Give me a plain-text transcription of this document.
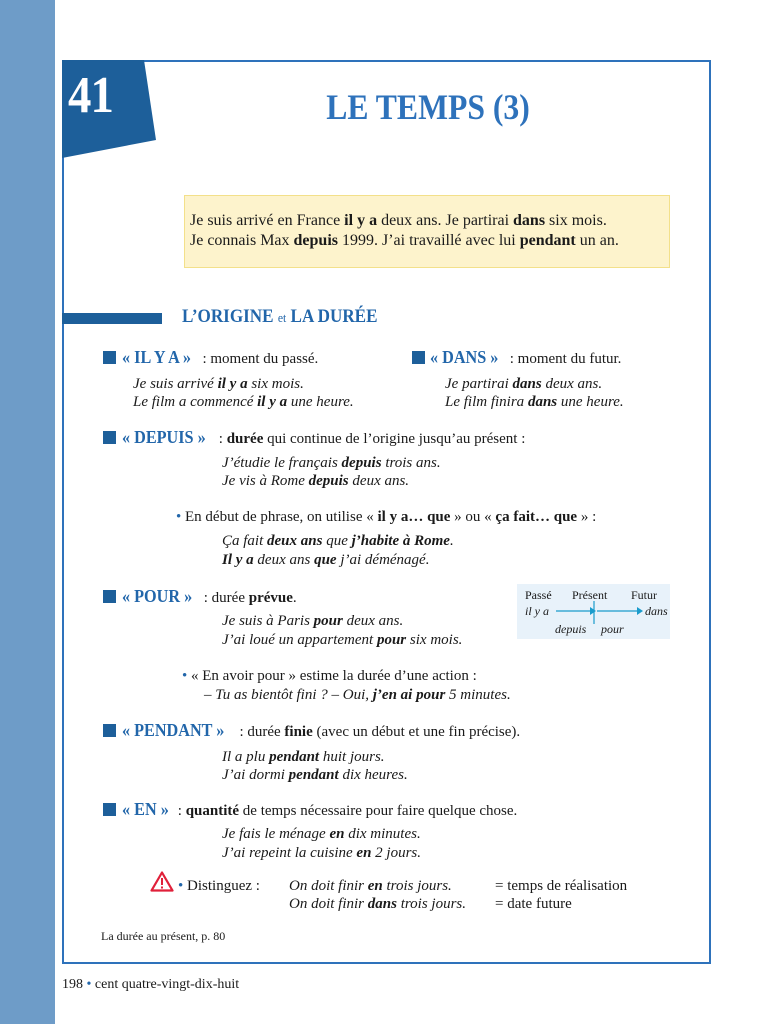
41	LE TEMPS (3)
Je suis arrivé en France il y a deux ans. Je partirai dans six mois.
Je connais Max depuis 1999. J’ai travaillé avec lui pendant un an.
L’ORIGINE et LA DURÉE
« IL Y A » : moment du passé.
Je suis arrivé il y a six mois.
Le film a commencé il y a une heure.
« DANS » : moment du futur.
Je partirai dans deux ans.
Le film finira dans une heure.
« DEPUIS » : durée qui continue de l’origine jusqu’au présent :
J’étudie le français depuis trois ans.
Je vis à Rome depuis deux ans.
• En début de phrase, on utilise « il y a… que » ou « ça fait… que » :
Ça fait deux ans que j’habite à Rome.
Il y a deux ans que j’ai déménagé.
« POUR » : durée prévue.
Je suis à Paris pour deux ans.
J’ai loué un appartement pour six mois.
Passé Présent Futur
il y a	dans
depuis pour
• « En avoir pour » estime la durée d’une action :
– Tu as bientôt fini ? – Oui, j’en ai pour 5 minutes.
« PENDANT » : durée finie (avec un début et une fin précise).
Il a plu pendant huit jours.
J’ai dormi pendant dix heures.
« EN » : quantité de temps nécessaire pour faire quelque chose.
Je fais le ménage en dix minutes.
J’ai repeint la cuisine en 2 jours.
• Distinguez : On doit finir en trois jours.
On doit finir dans trois jours.
= temps de réalisation
= date future
La durée au présent, p. 80
198 • cent quatre-vingt-dix-huit
